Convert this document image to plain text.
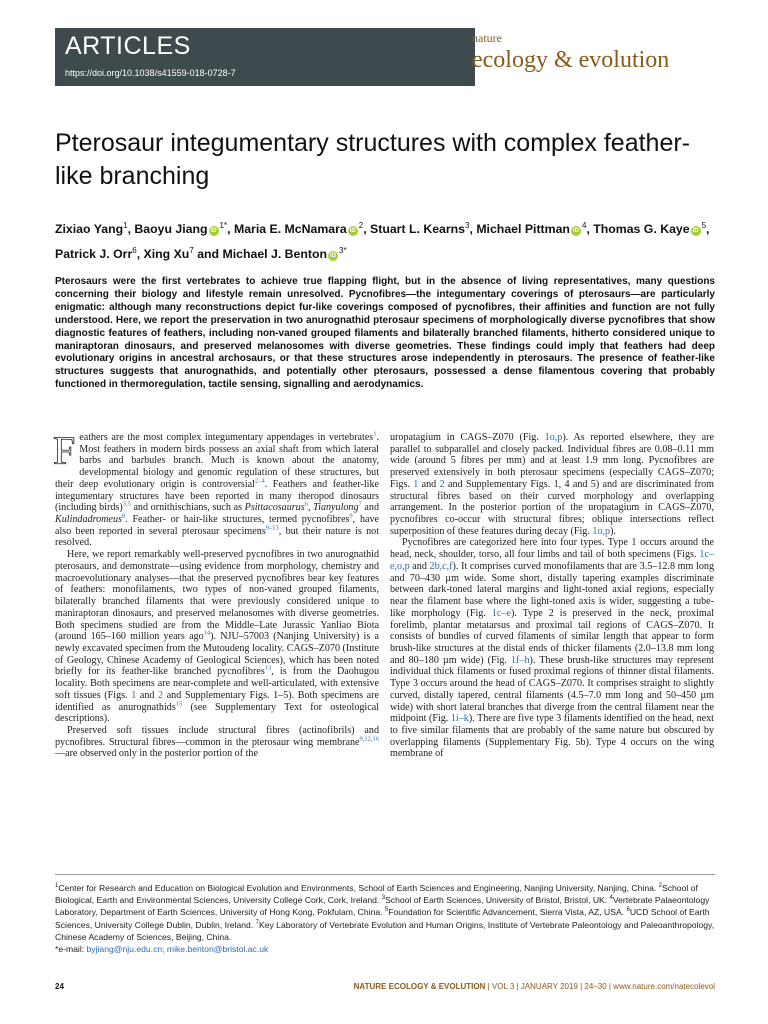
ARTICLES
https://doi.org/10.1038/s41559-018-0728-7
nature
ecology & evolution
Pterosaur integumentary structures with complex feather-like branching
Zixiao Yang$^1$, Baoyu Jiang $iD^{1*}$, Maria E. McNamara $iD^2$, Stuart L. Kearns$^3$, Michael Pittman $iD^4$, Thomas G. Kaye $iD^5$, Patrick J. Orr$^6$, Xing Xu$^7$ and Michael J. Benton $iD^{3*}$

Pterosaurs were the first vertebrates to achieve true flapping flight, but in the absence of living representatives, many questions concerning their biology and lifestyle remain unresolved. Pycnofibres—the integumentary coverings of pterosaurs—are particularly enigmatic: although many reconstructions depict fur-like coverings composed of pycnofibres, their affinities and function are not fully understood. Here, we report the preservation in two anurognathid pterosaur specimens of morphologically diverse pycnofibres that show diagnostic features of feathers, including non-vaned grouped filaments and bilaterally branched filaments, hitherto considered unique to maniraptoran dinosaurs, and preserved melanosomes with diverse geometries. These findings could imply that feathers had deep evolutionary origins in ancestral archosaurs, or that these structures arose independently in pterosaurs. The presence of feather-like structures suggests that anurognathids, and potentially other pterosaurs, possessed a dense filamentous covering that probably functioned in thermoregulation, tactile sensing, signalling and aerodynamics.

Feathers are the most complex integumentary appendages in vertebrates$^1$. Most feathers in modern birds possess an axial shaft from which lateral barbs and barbules branch. Much is known about the anatomy, developmental biology and genomic regulation of these structures, but their deep evolutionary origin is controversial$^{2-4}$. Feathers and feather-like integumentary structures have been reported in many theropod dinosaurs (including birds)$^{3,5}$ and ornithischians, such as Psittacosaurus$^6$, Tianyulong$^7$ and Kulindadromeus$^8$. Feather- or hair-like structures, termed pycnofibres$^9$, have also been reported in several pterosaur specimens$^{9-13}$, but their nature is not resolved.

Here, we report remarkably well-preserved pycnofibres in two anurognathid pterosaurs, and demonstrate—using evidence from morphology, chemistry and macroevolutionary analyses—that the preserved pycnofibres bear key features of feathers: monofilaments, two types of non-vaned grouped filaments, bilaterally branched filaments that were previously considered unique to maniraptoran dinosaurs, and preserved melanosomes with diverse geometries. Both specimens studied are from the Middle–Late Jurassic Yanliao Biota (around 165–160 million years ago$^{14}$). NJU–57003 (Nanjing University) is a newly excavated specimen from the Mutoudeng locality. CAGS–Z070 (Institute of Geology, Chinese Academy of Geological Sciences), which has been noted briefly for its feather-like branched pycnofibres$^{13}$, is from the Daohugou locality. Both specimens are near-complete and well-articulated, with extensive soft tissues (Figs. 1 and 2 and Supplementary Figs. 1–5). Both specimens are identified as anurognathids$^{15}$ (see Supplementary Text for osteological descriptions).

Preserved soft tissues include structural fibres (actinofibrils) and pycnofibres. Structural fibres—common in the pterosaur wing membrane$^{9,12,16}$—are observed only in the posterior portion of the

uropatagium in CAGS–Z070 (Fig. 1o,p). As reported elsewhere, they are parallel to subparallel and closely packed. Individual fibres are 0.08–0.11 mm wide (around 5 fibres per mm) and at least 1.9 mm long. Pycnofibres are preserved extensively in both pterosaur specimens (especially CAGS–Z070; Figs. 1 and 2 and Supplementary Figs. 1, 4 and 5) and are discriminated from structural fibres based on their curved morphology and overlapping arrangement. In the posterior portion of the uropatagium in CAGS–Z070, pycnofibres co-occur with structural fibres; oblique intersections reflect superposition of these features during decay (Fig. 1o,p).

Pycnofibres are categorized here into four types. Type 1 occurs around the head, neck, shoulder, torso, all four limbs and tail of both specimens (Figs. 1c–e,o,p and 2b,c,f). It comprises curved monofilaments that are 3.5–12.8 mm long and 70–430 µm wide. Some short, distally tapering examples discriminate between dark-toned lateral margins and light-toned axial regions, especially near the filament base where the light-toned axis is wider, suggesting a tube-like morphology (Fig. 1c–e). Type 2 is preserved in the neck, proximal forelimb, plantar metatarsus and proximal tail regions of CAGS–Z070. It consists of bundles of curved filaments of similar length that appear to form brush-like structures at the distal ends of thicker filaments (2.0–13.8 mm long and 80–180 µm wide) (Fig. 1f–h). These brush-like structures may represent individual thick filaments or fused proximal regions of thinner distal filaments. Type 3 occurs around the head of CAGS–Z070. It comprises straight to slightly curved, distally tapered, central filaments (4.5–7.0 mm long and 50–450 µm wide) with short lateral branches that diverge from the central filament near the midpoint (Fig. 1i–k). There are five type 3 filaments identified on the head, next to five similar filaments that are probably of the same nature but obscured by overlapping filaments (Supplementary Fig. 5b). Type 4 occurs on the wing membrane of

$^1$Center for Research and Education on Biological Evolution and Environments, School of Earth Sciences and Engineering, Nanjing University, Nanjing, China. $^2$School of Biological, Earth and Environmental Sciences, University College Cork, Cork, Ireland. $^3$School of Earth Sciences, University of Bristol, Bristol, UK. $^4$Vertebrate Palaeontology Laboratory, Department of Earth Sciences, University of Hong Kong, Pokfulam, China. $^5$Foundation for Scientific Advancement, Sierra Vista, AZ, USA. $^6$UCD School of Earth Sciences, University College Dublin, Dublin, Ireland. $^7$Key Laboratory of Vertebrate Evolution and Human Origins, Institute of Vertebrate Paleontology and Paleoanthropology, Chinese Academy of Sciences, Beijing, China.
*e-mail: byjiang@nju.edu.cn; mike.benton@bristol.ac.uk
24	NATURE ECOLOGY & EVOLUTION | VOL 3 | JANUARY 2019 | 24–30 | www.nature.com/natecolevol
